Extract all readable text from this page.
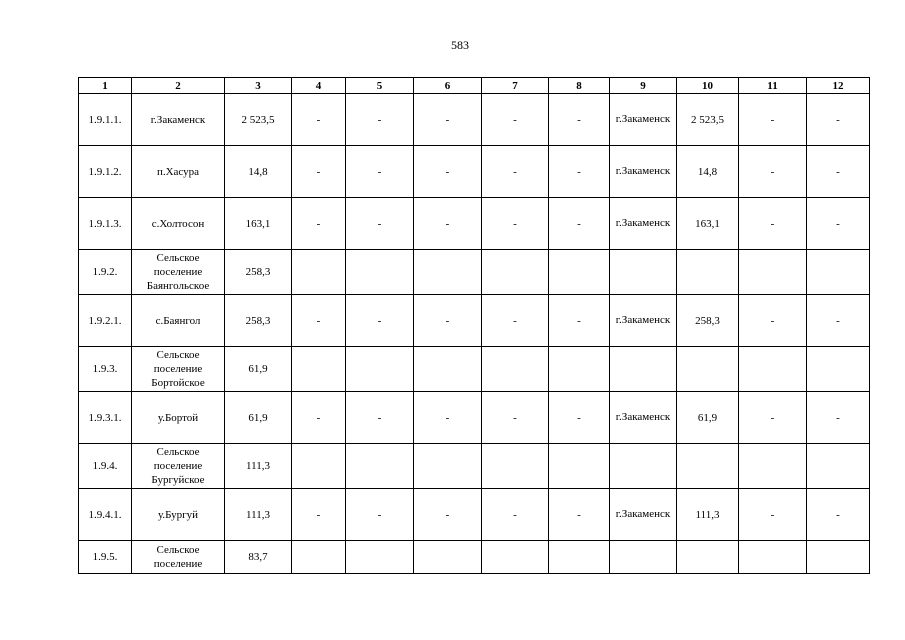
583
1	2	3	4	5	6	7	8	9	10	11	12
1.9.1.1.	г.Закаменск	2 523,5	-	-	-	-	-	г.Закаменск	2 523,5	-	-
1.9.1.2.	п.Хасура	14,8	-	-	-	-	-	г.Закаменск	14,8	-	-
1.9.1.3.	с.Холтосон	163,1	-	-	-	-	-	г.Закаменск	163,1	-	-
1.9.2.	Сельское поселение Баянгольское	258,3									
1.9.2.1.	с.Баянгол	258,3	-	-	-	-	-	г.Закаменск	258,3	-	-
1.9.3.	Сельское поселение Бортойское	61,9									
1.9.3.1.	у.Бортой	61,9	-	-	-	-	-	г.Закаменск	61,9	-	-
1.9.4.	Сельское поселение Бургуйское	111,3									
1.9.4.1.	у.Бургуй	111,3	-	-	-	-	-	г.Закаменск	111,3	-	-
1.9.5.	Сельское поселение	83,7									
